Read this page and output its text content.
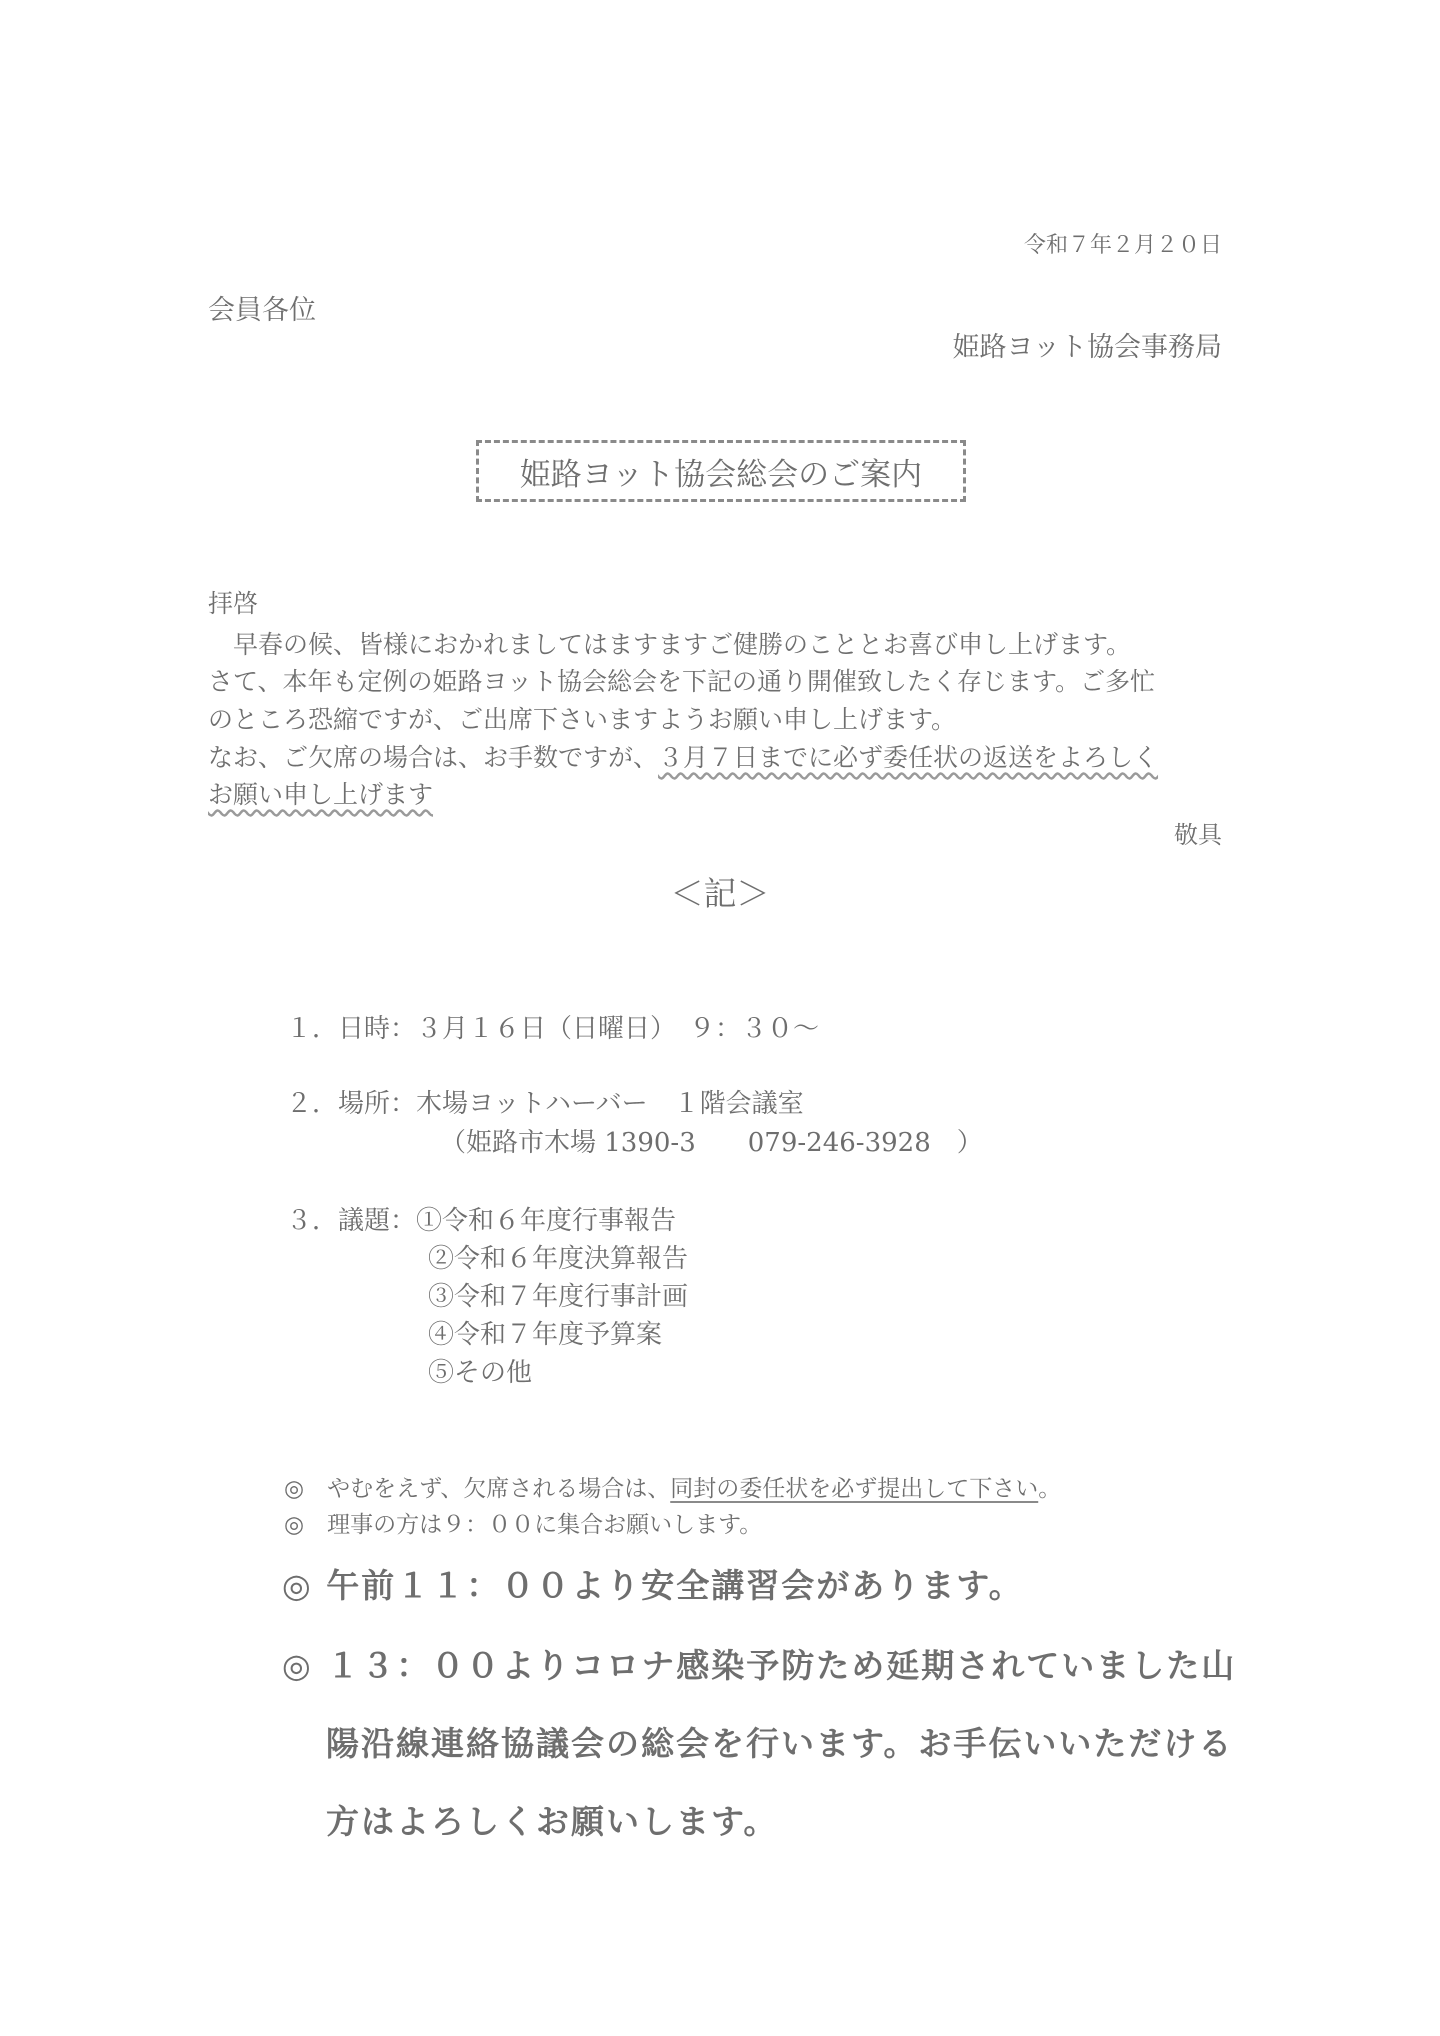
令和７年２月２０日
会員各位
姫路ヨット協会事務局
姫路ヨット協会総会のご案内
拝啓
　早春の候、皆様におかれましてはますますご健勝のこととお喜び申し上げます。
さて、本年も定例の姫路ヨット協会総会を下記の通り開催致したく存じます。ご多忙
のところ恐縮ですが、ご出席下さいますようお願い申し上げます。
なお、ご欠席の場合は、お手数ですが、３月７日までに必ず委任状の返送をよろしく
お願い申し上げます
敬具
＜記＞
１．日時：３月１６日（日曜日）　９：３０～
２．場所：木場ヨットハーバー　１階会議室
（姫路市木場 1390-3　　079-246-3928　）
３．議題：①令和６年度行事報告
②令和６年度決算報告
③令和７年度行事計画
④令和７年度予算案
⑤その他
◎　やむをえず、欠席される場合は、同封の委任状を必ず提出して下さい。
◎　理事の方は９：００に集合お願いします。
◎ 午前１１：００より安全講習会があります。
◎ １３：００よりコロナ感染予防ため延期されていました山
陽沿線連絡協議会の総会を行います。お手伝いいただける
方はよろしくお願いします。
